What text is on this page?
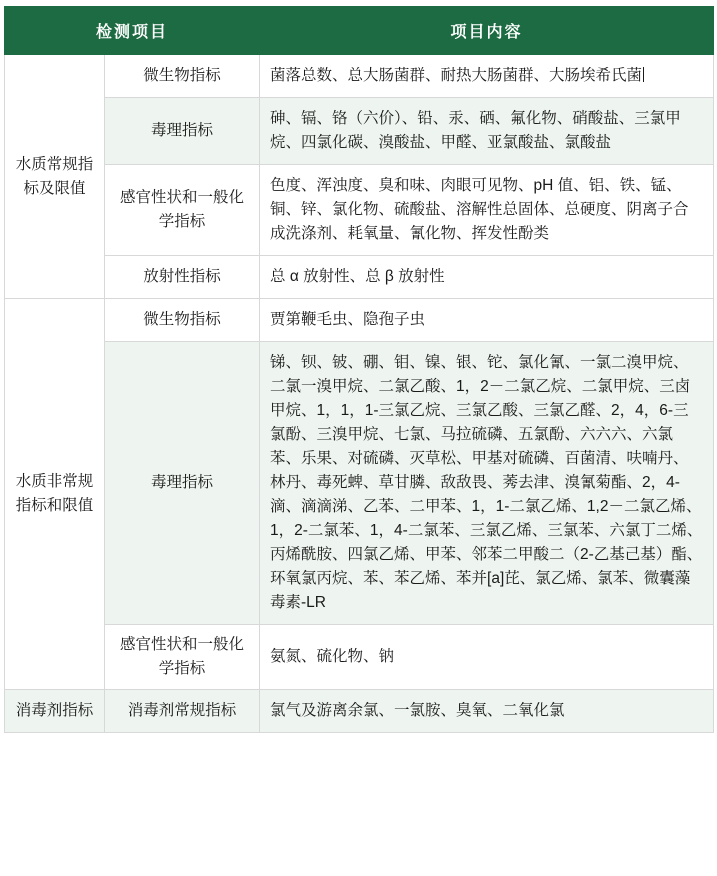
检测项目		项目内容
水质常规指标及限值	微生物指标	菌落总数、总大肠菌群、耐热大肠菌群、大肠埃希氏菌
	毒理指标	砷、镉、铬（六价）、铅、汞、硒、氟化物、硝酸盐、三氯甲烷、四氯化碳、溴酸盐、甲醛、亚氯酸盐、氯酸盐
	感官性状和一般化学指标	色度、浑浊度、臭和味、肉眼可见物、pH 值、铝、铁、锰、铜、锌、氯化物、硫酸盐、溶解性总固体、总硬度、阴离子合成洗涤剂、耗氧量、氰化物、挥发性酚类
	放射性指标	总 α 放射性、总 β 放射性
水质非常规指标和限值	微生物指标	贾第鞭毛虫、隐孢子虫
	毒理指标	锑、钡、铍、硼、钼、镍、银、铊、氯化氰、一氯二溴甲烷、二氯一溴甲烷、二氯乙酸、1，2－二氯乙烷、二氯甲烷、三卤甲烷、1，1，1-三氯乙烷、三氯乙酸、三氯乙醛、2，4，6-三氯酚、三溴甲烷、七氯、马拉硫磷、五氯酚、六六六、六氯苯、乐果、对硫磷、灭草松、甲基对硫磷、百菌清、呋喃丹、林丹、毒死蜱、草甘膦、敌敌畏、莠去津、溴氰菊酯、2，4-滴、滴滴涕、乙苯、二甲苯、1，1-二氯乙烯、1,2－二氯乙烯、1，2-二氯苯、1，4-二氯苯、三氯乙烯、三氯苯、六氯丁二烯、丙烯酰胺、四氯乙烯、甲苯、邻苯二甲酸二（2-乙基己基）酯、环氧氯丙烷、苯、苯乙烯、苯并[a]芘、氯乙烯、氯苯、微囊藻毒素-LR
	感官性状和一般化学指标	氨氮、硫化物、钠
消毒剂指标	消毒剂常规指标	氯气及游离余氯、一氯胺、臭氧、二氧化氯
